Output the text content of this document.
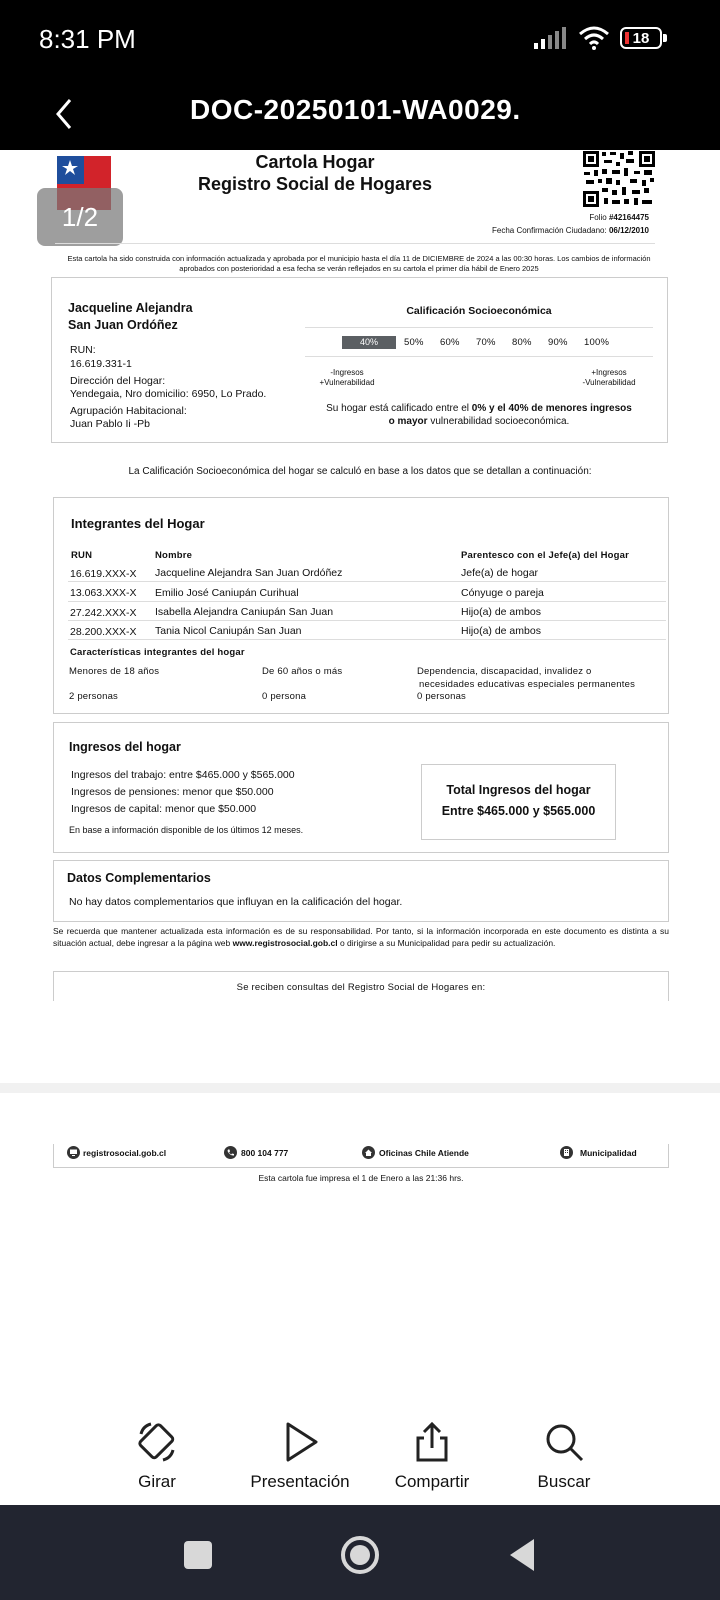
8:31 PM	18
DOC-20250101-WA0029.
1/2
Cartola Hogar
Registro Social de Hogares
Folio #42164475
Fecha Confirmación Ciudadano: 06/12/2010
Esta cartola ha sido construida con información actualizada y aprobada por el municipio hasta el día 11 de DICIEMBRE de 2024 a las 00:30 horas. Los cambios de información aprobados con posterioridad a esa fecha se verán reflejados en su cartola el primer día hábil de Enero 2025
Jacqueline Alejandra
San Juan Ordóñez
RUN:
16.619.331-1
Dirección del Hogar:
Yendegaia, Nro domicilio: 6950, Lo Prado.
Agrupación Habitacional:
Juan Pablo Ii -Pb
Calificación Socioeconómica
40%	50% 60% 70% 80% 90% 100%
-Ingresos
+Vulnerabilidad
+Ingresos
-Vulnerabilidad
Su hogar está calificado entre el 0% y el 40% de menores ingresos
o mayor vulnerabilidad socioeconómica.
La Calificación Socioeconómica del hogar se calculó en base a los datos que se detallan a continuación:
Integrantes del Hogar
RUN	Nombre	Parentesco con el Jefe(a) del Hogar
16.619.XXX-X Jacqueline Alejandra San Juan Ordóñez	Jefe(a) de hogar
13.063.XXX-X Emilio José Caniupán Curihual	Cónyuge o pareja
27.242.XXX-X Isabella Alejandra Caniupán San Juan	Hijo(a) de ambos
28.200.XXX-X Tania Nicol Caniupán San Juan	Hijo(a) de ambos
Características integrantes del hogar
Menores de 18 años	De 60 años o más	Dependencia, discapacidad, invalidez o
necesidades educativas especiales permanentes
2 personas	0 persona	0 personas
Ingresos del hogar
Ingresos del trabajo: entre $465.000 y $565.000
Ingresos de pensiones: menor que $50.000
Ingresos de capital: menor que $50.000
En base a información disponible de los últimos 12 meses.
Total Ingresos del hogar
Entre $465.000 y $565.000
Datos Complementarios
No hay datos complementarios que influyan en la calificación del hogar.
Se recuerda que mantener actualizada esta información es de su responsabilidad. Por tanto, si la información incorporada en este documento es distinta a su situación actual, debe ingresar a la página web www.registrosocial.gob.cl o dirigirse a su Municipalidad para pedir su actualización.
Se reciben consultas del Registro Social de Hogares en:
registrosocial.gob.cl	800 104 777	Oficinas Chile Atiende	Municipalidad
Esta cartola fue impresa el 1 de Enero a las 21:36 hrs.
Girar	Presentación	Compartir	Buscar
